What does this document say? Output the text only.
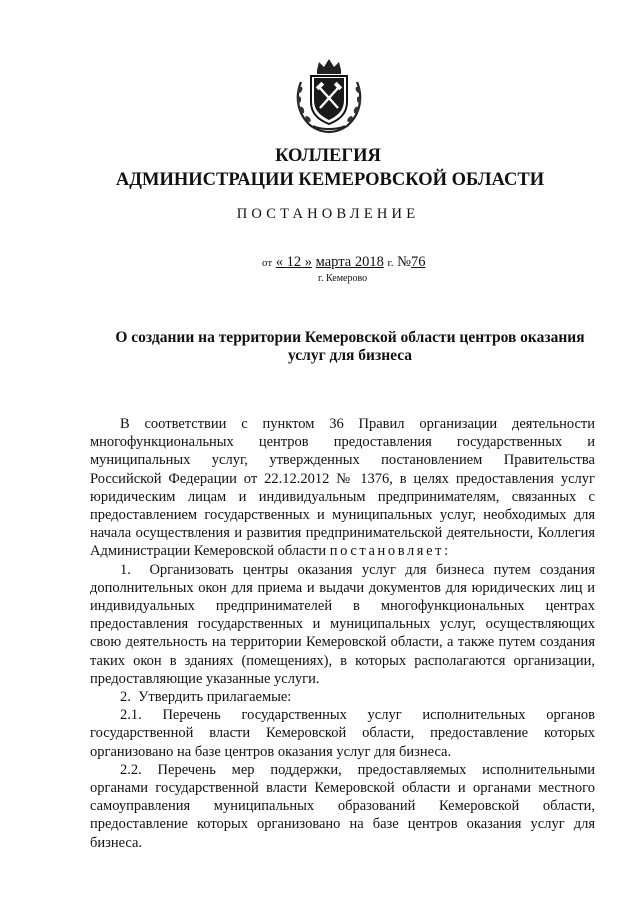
КОЛЛЕГИЯ
АДМИНИСТРАЦИИ КЕМЕРОВСКОЙ ОБЛАСТИ
ПОСТАНОВЛЕНИЕ
от « 12 » марта 2018 г. №76
г. Кемерово
О создании на территории Кемеровской области центров оказания
услуг для бизнеса

В соответствии с пунктом 36 Правил организации деятельности многофункциональных центров предоставления государственных и муниципальных услуг, утвержденных постановлением Правительства Российской Федерации от 22.12.2012 № 1376, в целях предоставления услуг юридическим лицам и индивидуальным предпринимателям, связанных с предоставлением государственных и муниципальных услуг, необходимых для начала осуществления и развития предпринимательской деятельности, Коллегия Администрации Кемеровской области постановляет:

1.  Организовать центры оказания услуг для бизнеса путем создания дополнительных окон для приема и выдачи документов для юридических лиц и индивидуальных предпринимателей в многофункциональных центрах предоставления государственных и муниципальных услуг, осуществляющих свою деятельность на территории Кемеровской области, а также путем создания таких окон в зданиях (помещениях), в которых располагаются организации, предоставляющие указанные услуги.

2.  Утвердить прилагаемые:

2.1. Перечень государственных услуг исполнительных органов государственной власти Кемеровской области, предоставление которых организовано на базе центров оказания услуг для бизнеса.

2.2. Перечень мер поддержки, предоставляемых исполнительными органами государственной власти Кемеровской области и органами местного самоуправления муниципальных образований Кемеровской области, предоставление которых организовано на базе центров оказания услуг для бизнеса.
